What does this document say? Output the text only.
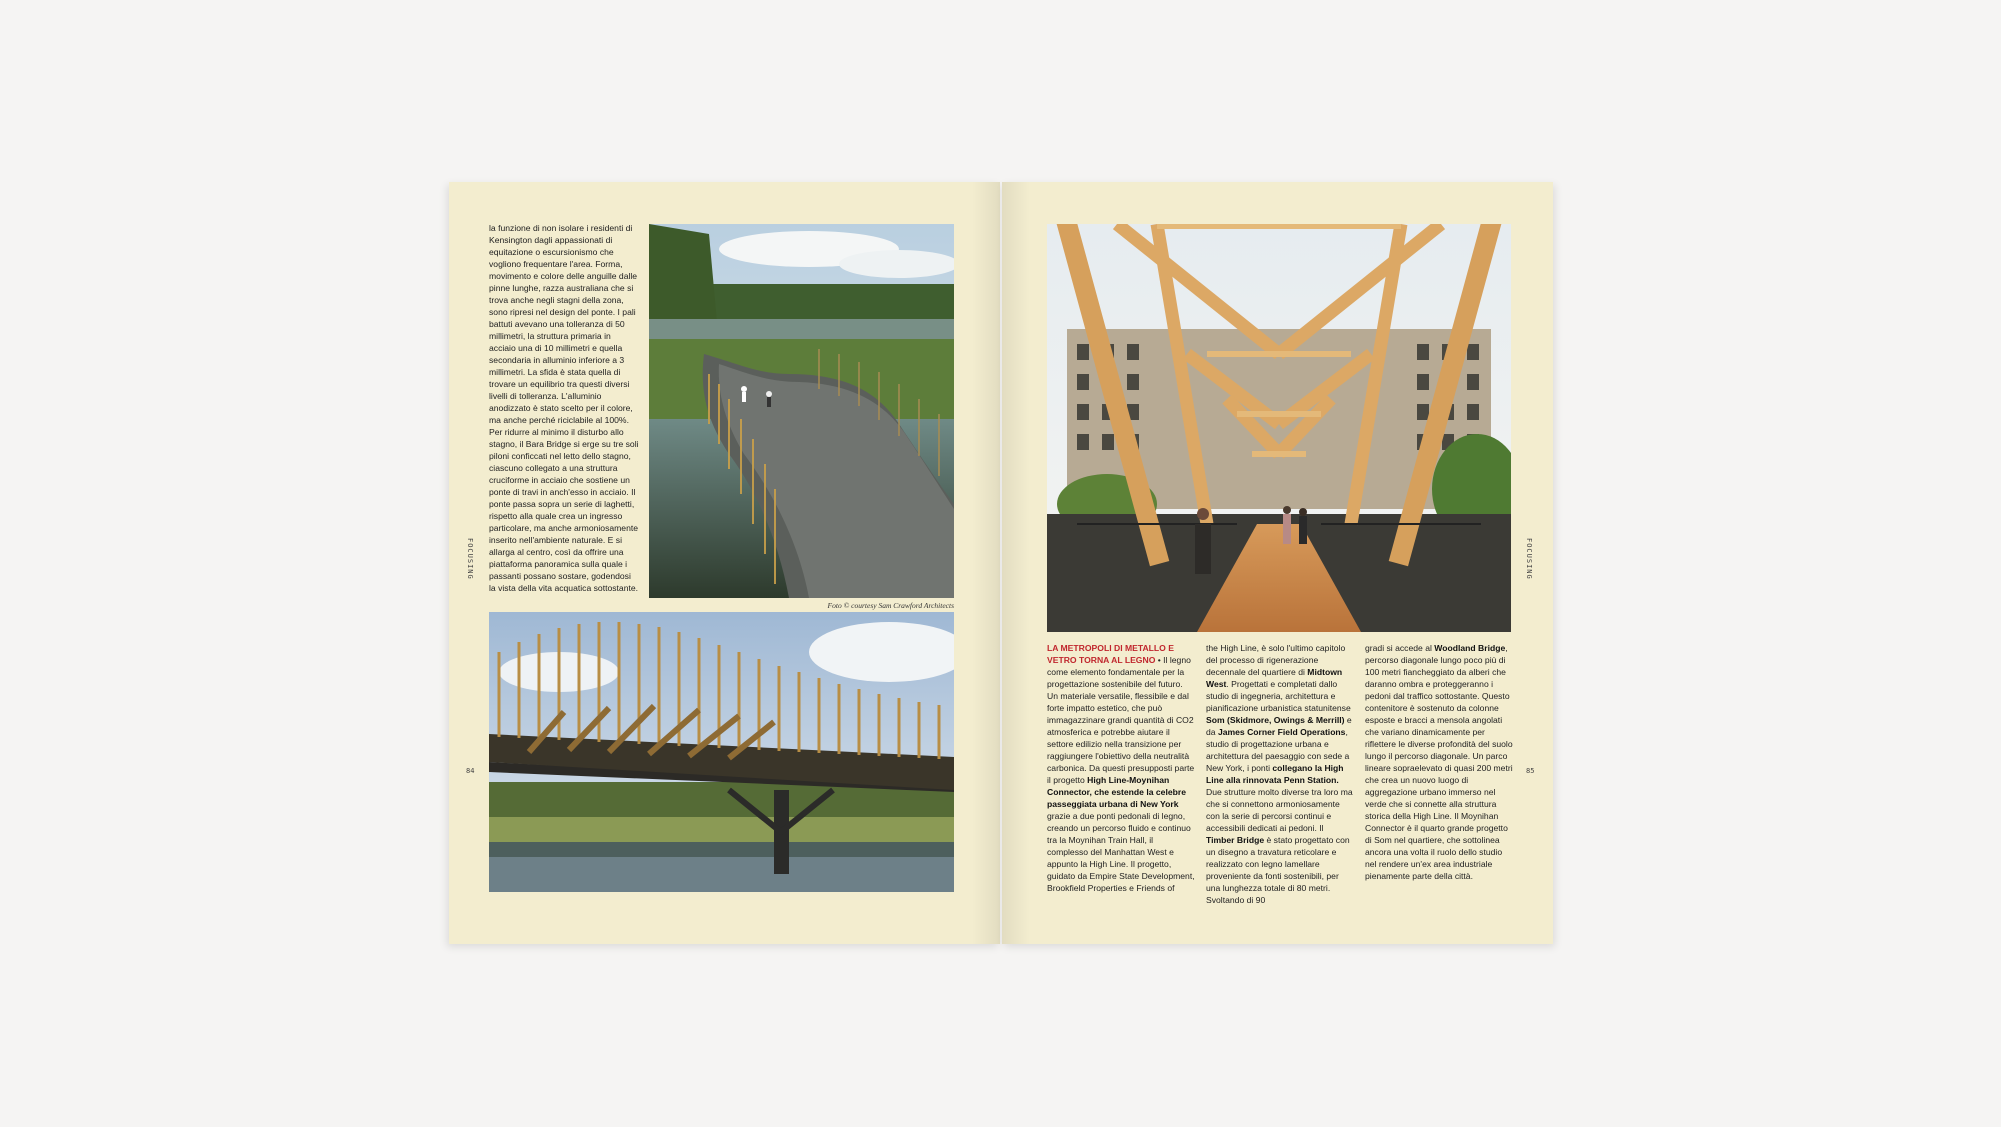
FOCUSING
84
la funzione di non isolare i residenti di Kensington dagli appassionati di equitazione o escursionismo che vogliono frequentare l'area. Forma, movimento e colore delle anguille dalle pinne lunghe, razza australiana che si trova anche negli stagni della zona, sono ripresi nel design del ponte. I pali battuti avevano una tolleranza di 50 millimetri, la struttura primaria in acciaio una di 10 millimetri e quella secondaria in alluminio inferiore a 3 millimetri. La sfida è stata quella di trovare un equilibrio tra questi diversi livelli di tolleranza. L'alluminio anodizzato è stato scelto per il colore, ma anche perché riciclabile al 100%. Per ridurre al minimo il disturbo allo stagno, il Bara Bridge si erge su tre soli piloni conficcati nel letto dello stagno, ciascuno collegato a una struttura cruciforme in acciaio che sostiene un ponte di travi in anch'esso in acciaio. Il ponte passa sopra un serie di laghetti, rispetto alla quale crea un ingresso particolare, ma anche armoniosamente inserito nell'ambiente naturale. E si allarga al centro, così da offrire una piattaforma panoramica sulla quale i passanti possano sostare, godendosi la vista della vita acquatica sottostante.
Foto © courtesy Sam Crawford Architects
FOCUSING
85
LA METROPOLI DI METALLO E VETRO TORNA AL LEGNO • Il legno come elemento fondamentale per la progettazione sostenibile del futuro. Un materiale versatile, flessibile e dal forte impatto estetico, che può immagazzinare grandi quantità di CO2 atmosferica e potrebbe aiutare il settore edilizio nella transizione per raggiungere l'obiettivo della neutralità carbonica. Da questi presupposti parte il progetto High Line-Moynihan Connector, che estende la celebre passeggiata urbana di New York grazie a due ponti pedonali di legno, creando un percorso fluido e continuo tra la Moynihan Train Hall, il complesso del Manhattan West e appunto la High Line. Il progetto, guidato da Empire State Development, Brookfield Properties e Friends of
the High Line, è solo l'ultimo capitolo del processo di rigenerazione decennale del quartiere di Midtown West. Progettati e completati dallo studio di ingegneria, architettura e pianificazione urbanistica statunitense Som (Skidmore, Owings & Merrill) e da James Corner Field Operations, studio di progettazione urbana e architettura del paesaggio con sede a New York, i ponti collegano la High Line alla rinnovata Penn Station. Due strutture molto diverse tra loro ma che si connettono armoniosamente con la serie di percorsi continui e accessibili dedicati ai pedoni. Il Timber Bridge è stato progettato con un disegno a travatura reticolare e realizzato con legno lamellare proveniente da fonti sostenibili, per una lunghezza totale di 80 metri. Svoltando di 90
gradi si accede al Woodland Bridge, percorso diagonale lungo poco più di 100 metri fiancheggiato da alberi che daranno ombra e proteggeranno i pedoni dal traffico sottostante. Questo contenitore è sostenuto da colonne esposte e bracci a mensola angolati che variano dinamicamente per riflettere le diverse profondità del suolo lungo il percorso diagonale. Un parco lineare sopraelevato di quasi 200 metri che crea un nuovo luogo di aggregazione urbano immerso nel verde che si connette alla struttura storica della High Line. Il Moynihan Connector è il quarto grande progetto di Som nel quartiere, che sottolinea ancora una volta il ruolo dello studio nel rendere un'ex area industriale pienamente parte della città.
